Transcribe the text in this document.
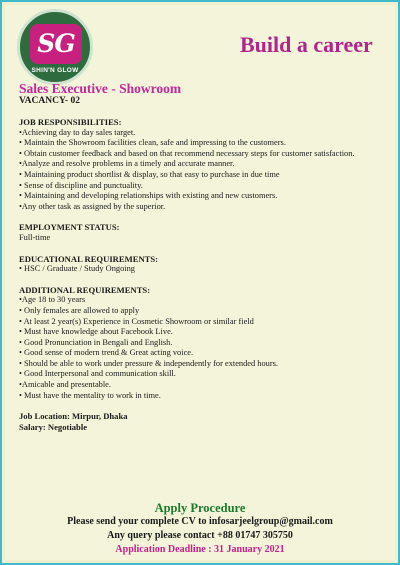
SG
SHIN'N GLOW
Build a career
Sales Executive - Showroom
VACANCY- 02
JOB RESPONSIBILITIES:
•Achieving day to day sales target.
• Maintain the Showroom facilities clean, safe and impressing to the customers.
• Obtain customer feedback and based on that recommend necessary steps for customer satisfaction.
•Analyze and resolve problems in a timely and accurate manner.
• Maintaining product shortlist & display, so that easy to purchase in due time
• Sense of discipline and punctuality.
• Maintaining and developing relationships with existing and new customers.
•Any other task as assigned by the superior.
EMPLOYMENT STATUS:
Full-time
EDUCATIONAL REQUIREMENTS:
• HSC / Graduate / Study Ongoing
ADDITIONAL REQUIREMENTS:
•Age 18 to 30 years
• Only females are allowed to apply
• At least 2 year(s) Experience in Cosmetic Showroom or similar field
• Must have knowledge about Facebook Live.
• Good Pronunciation in Bengali and English.
• Good sense of modern trend & Great acting voice.
• Should be able to work under pressure & independently for extended hours.
• Good Interpersonal and communication skill.
•Amicable and presentable.
• Must have the mentality to work in time.
Job Location: Mirpur, Dhaka
Salary: Negotiable
Apply Procedure
Please send your complete CV to infosarjeelgroup@gmail.com
Any query please contact +88 01747 305750
Application Deadline : 31 January 2021
